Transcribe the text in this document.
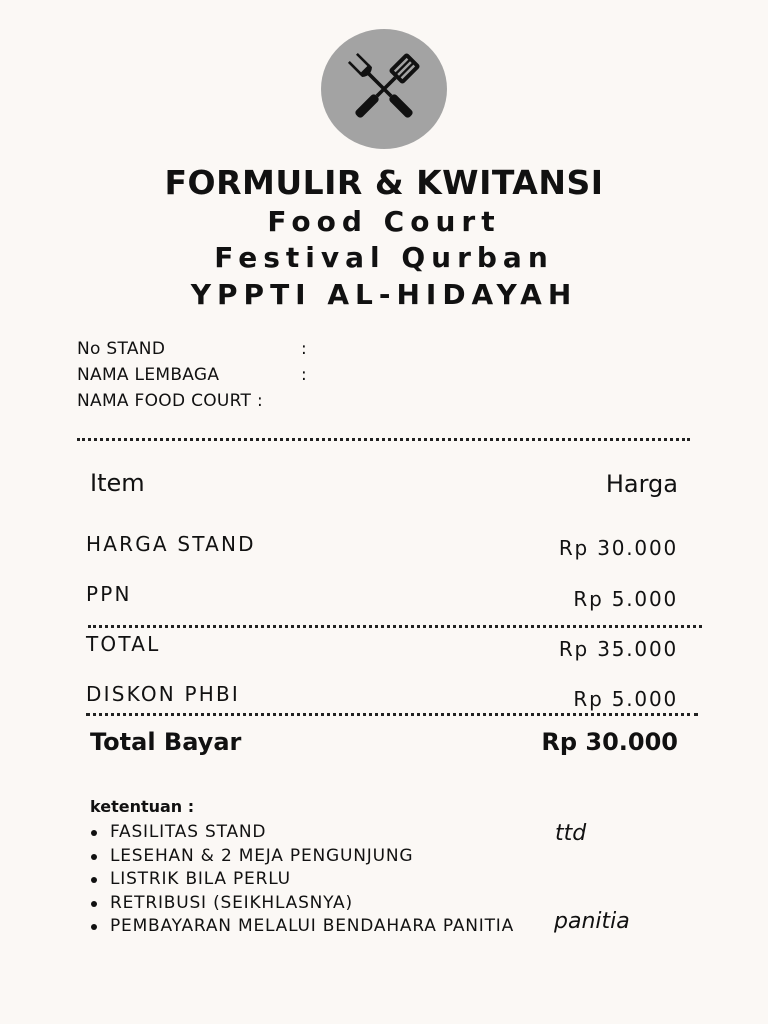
FORMULIR & KWITANSI
Food Court
Festival Qurban
YPPTI AL-HIDAYAH
No STAND	:
NAMA LEMBAGA	:
NAMA FOOD COURT :
Item	Harga
HARGA STAND	Rp 30.000
PPN	Rp 5.000
TOTAL	Rp 35.000
DISKON PHBI	Rp 5.000
Total Bayar	Rp 30.000
ketentuan :
FASILITAS STAND
LESEHAN & 2 MEJA PENGUNJUNG
LISTRIK BILA PERLU
RETRIBUSI (SEIKHLASNYA)
PEMBAYARAN MELALUI BENDAHARA PANITIA
ttd
panitia
